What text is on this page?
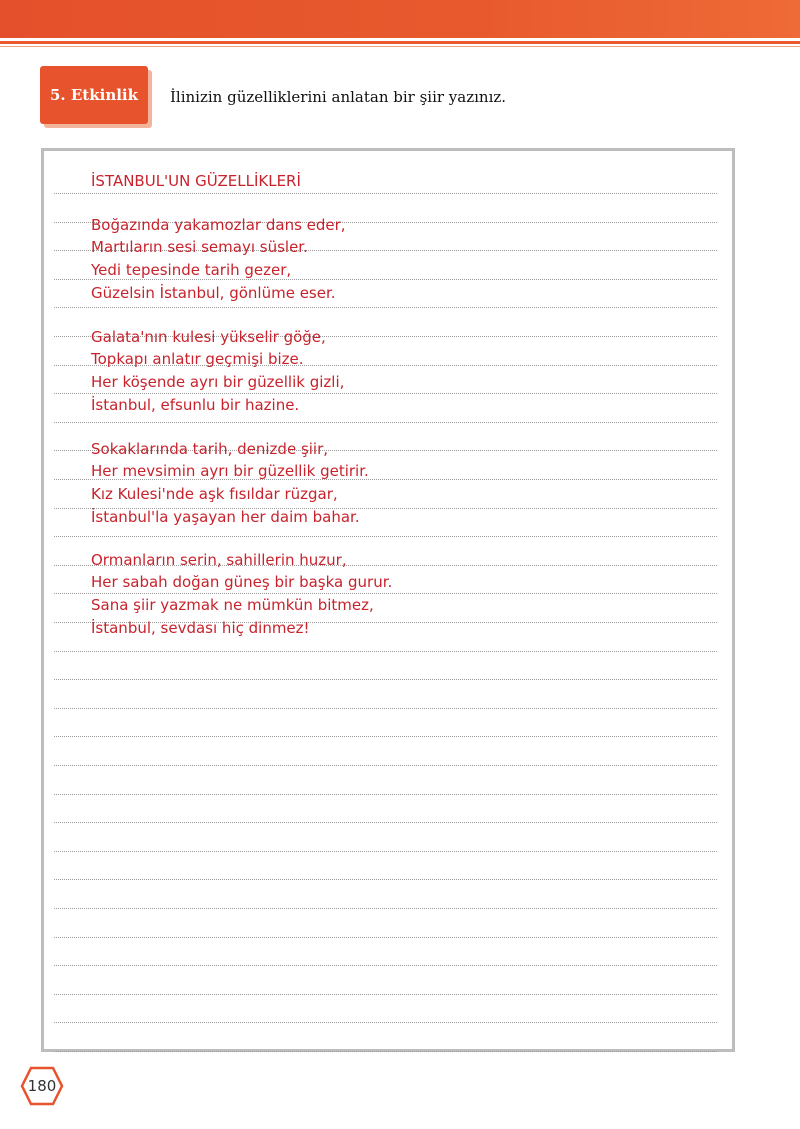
5. Etkinlik	İlinizin güzelliklerini anlatan bir şiir yazınız.
İSTANBUL'UN GÜZELLİKLERİ
Boğazında yakamozlar dans eder,
Martıların sesi semayı süsler.
Yedi tepesinde tarih gezer,
Güzelsin İstanbul, gönlüme eser.
Galata'nın kulesi yükselir göğe,
Topkapı anlatır geçmişi bize.
Her köşende ayrı bir güzellik gizli,
İstanbul, efsunlu bir hazine.
Sokaklarında tarih, denizde şiir,
Her mevsimin ayrı bir güzellik getirir.
Kız Kulesi'nde aşk fısıldar rüzgar,
İstanbul'la yaşayan her daim bahar.
Ormanların serin, sahillerin huzur,
Her sabah doğan güneş bir başka gurur.
Sana şiir yazmak ne mümkün bitmez,
İstanbul, sevdası hiç dinmez!
180
